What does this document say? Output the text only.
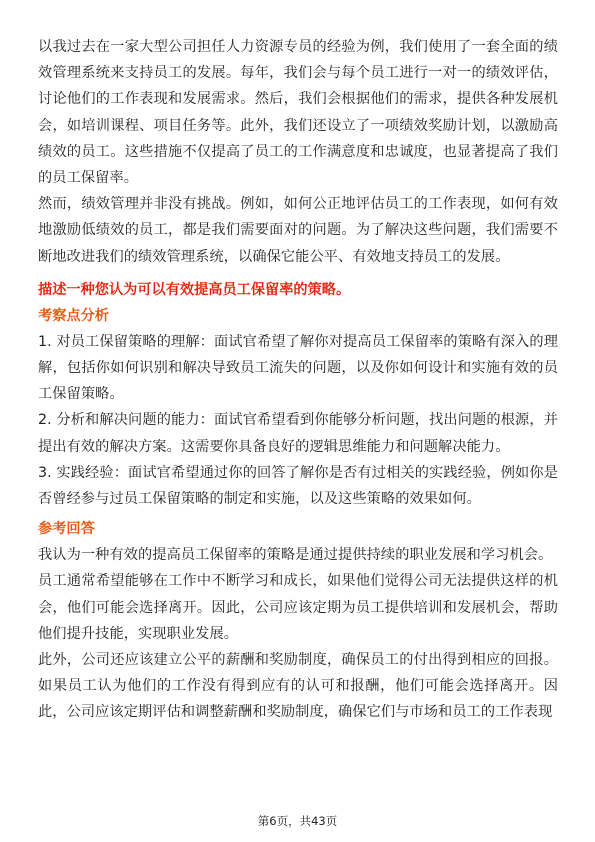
以我过去在一家大型公司担任人力资源专员的经验为例，我们使用了一套全面的绩效管理系统来支持员工的发展。每年，我们会与每个员工进行一对一的绩效评估，讨论他们的工作表现和发展需求。然后，我们会根据他们的需求，提供各种发展机会，如培训课程、项目任务等。此外，我们还设立了一项绩效奖励计划，以激励高绩效的员工。这些措施不仅提高了员工的工作满意度和忠诚度，也显著提高了我们的员工保留率。

然而，绩效管理并非没有挑战。例如，如何公正地评估员工的工作表现，如何有效地激励低绩效的员工，都是我们需要面对的问题。为了解决这些问题，我们需要不断地改进我们的绩效管理系统，以确保它能公平、有效地支持员工的发展。

描述一种您认为可以有效提高员工保留率的策略。

考察点分析

1. 对员工保留策略的理解：面试官希望了解你对提高员工保留率的策略有深入的理解，包括你如何识别和解决导致员工流失的问题，以及你如何设计和实施有效的员工保留策略。

2. 分析和解决问题的能力：面试官希望看到你能够分析问题，找出问题的根源，并提出有效的解决方案。这需要你具备良好的逻辑思维能力和问题解决能力。

3. 实践经验：面试官希望通过你的回答了解你是否有过相关的实践经验，例如你是否曾经参与过员工保留策略的制定和实施，以及这些策略的效果如何。

参考回答

我认为一种有效的提高员工保留率的策略是通过提供持续的职业发展和学习机会。

员工通常希望能够在工作中不断学习和成长，如果他们觉得公司无法提供这样的机会，他们可能会选择离开。因此，公司应该定期为员工提供培训和发展机会，帮助他们提升技能，实现职业发展。

此外，公司还应该建立公平的薪酬和奖励制度，确保员工的付出得到相应的回报。如果员工认为他们的工作没有得到应有的认可和报酬，他们可能会选择离开。因此，公司应该定期评估和调整薪酬和奖励制度，确保它们与市场和员工的工作表现

第6页，共43页
